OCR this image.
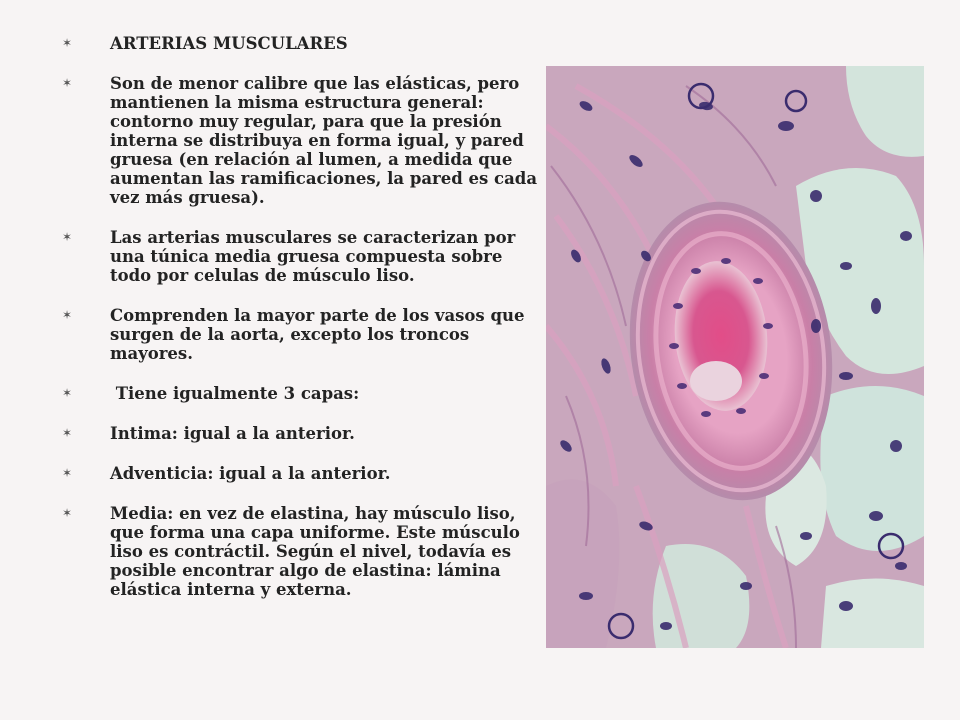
✶ ARTERIAS MUSCULARES
✶ Son de menor calibre que las elásticas, pero mantienen la misma estructura general: contorno muy regular, para que la presión interna se distribuya en forma igual, y pared gruesa (en relación al lumen, a medida que aumentan las ramificaciones, la pared es cada vez más gruesa).
✶ Las arterias musculares se caracterizan por una túnica media gruesa compuesta sobre todo por celulas de músculo liso.
✶ Comprenden la mayor parte de los vasos que surgen de la aorta, excepto los troncos mayores.
✶ Tiene igualmente 3 capas:
✶ Intima: igual a la anterior.
✶ Adventicia: igual a la anterior.
✶ Media: en vez de elastina, hay músculo liso, que forma una capa uniforme. Este músculo liso es contráctil. Según el nivel, todavía es posible encontrar algo de elastina: lámina elástica interna y externa.
